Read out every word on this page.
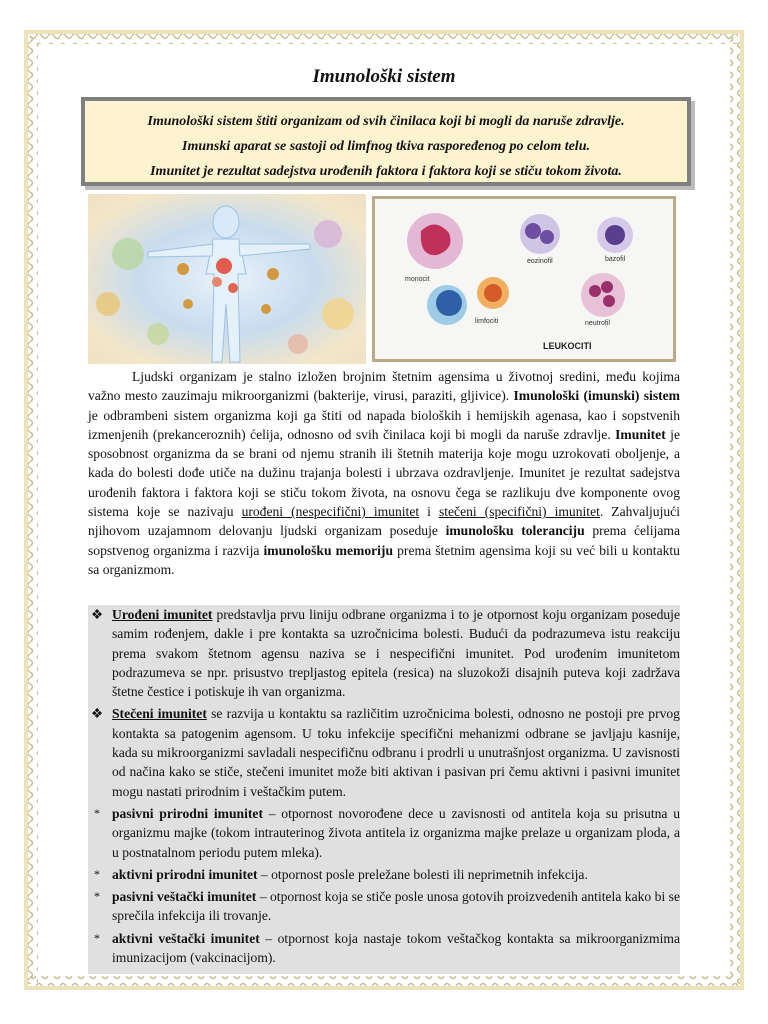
Imunološki sistem

Imunološki sistem štiti organizam od svih činilaca koji bi mogli da naruše zdravlje.

Imunski aparat se sastoji od limfnog tkiva raspoređenog po celom telu.

Imunitet je rezultat sadejstva urođenih faktora i faktora koji se stiču tokom života.

monocit
eozinofil	bazofil
limfociti	neutrofil
LEUKOCITI

Ljudski organizam je stalno izložen brojnim štetnim agensima u životnoj sredini, među kojima važno mesto zauzimaju mikroorganizmi (bakterije, virusi, paraziti, gljivice). Imunološki (imunski) sistem je odbrambeni sistem organizma koji ga štiti od napada bioloških i hemijskih agenasa, kao i sopstvenih izmenjenih (prekanceroznih) ćelija, odnosno od svih činilaca koji bi mogli da naruše zdravlje. Imunitet je sposobnost organizma da se brani od njemu stranih ili štetnih materija koje mogu uzrokovati oboljenje, a kada do bolesti dođe utiče na dužinu trajanja bolesti i ubrzava ozdravljenje. Imunitet je rezultat sadejstva urođenih faktora i faktora koji se stiču tokom života, na osnovu čega se razlikuju dve komponente ovog sistema koje se nazivaju urođeni (nespecifični) imunitet i stečeni (specifični) imunitet. Zahvaljujući njihovom uzajamnom delovanju ljudski organizam poseduje imunološku toleranciju prema ćelijama sopstvenog organizma i razvija imunološku memoriju prema štetnim agensima koji su već bili u kontaktu sa organizmom.

❖ Urođeni imunitet predstavlja prvu liniju odbrane organizma i to je otpornost koju organizam poseduje samim rođenjem, dakle i pre kontakta sa uzročnicima bolesti. Budući da podrazumeva istu reakciju prema svakom štetnom agensu naziva se i nespecifični imunitet. Pod urođenim imunitetom podrazumeva se npr. prisustvo trepljastog epitela (resica) na sluzokoži disajnih puteva koji zadržava štetne čestice i potiskuje ih van organizma.
❖ Stečeni imunitet se razvija u kontaktu sa različitim uzročnicima bolesti, odnosno ne postoji pre prvog kontakta sa patogenim agensom. U toku infekcije specifični mehanizmi odbrane se javljaju kasnije, kada su mikroorganizmi savladali nespecifičnu odbranu i prodrli u unutrašnjost organizma. U zavisnosti od načina kako se stiče, stečeni imunitet može biti aktivan i pasivan pri čemu aktivni i pasivni imunitet mogu nastati prirodnim i veštačkim putem.
* pasivni prirodni imunitet – otpornost novorođene dece u zavisnosti od antitela koja su prisutna u organizmu majke (tokom intrauterinog života antitela iz organizma majke prelaze u organizam ploda, a u postnatalnom periodu putem mleka).
* aktivni prirodni imunitet – otpornost posle preležane bolesti ili neprimetnih infekcija.
* pasivni veštački imunitet – otpornost koja se stiče posle unosa gotovih proizvedenih antitela kako bi se sprečila infekcija ili trovanje.
* aktivni veštački imunitet – otpornost koja nastaje tokom veštačkog kontakta sa mikroorganizmima imunizacijom (vakcinacijom).
